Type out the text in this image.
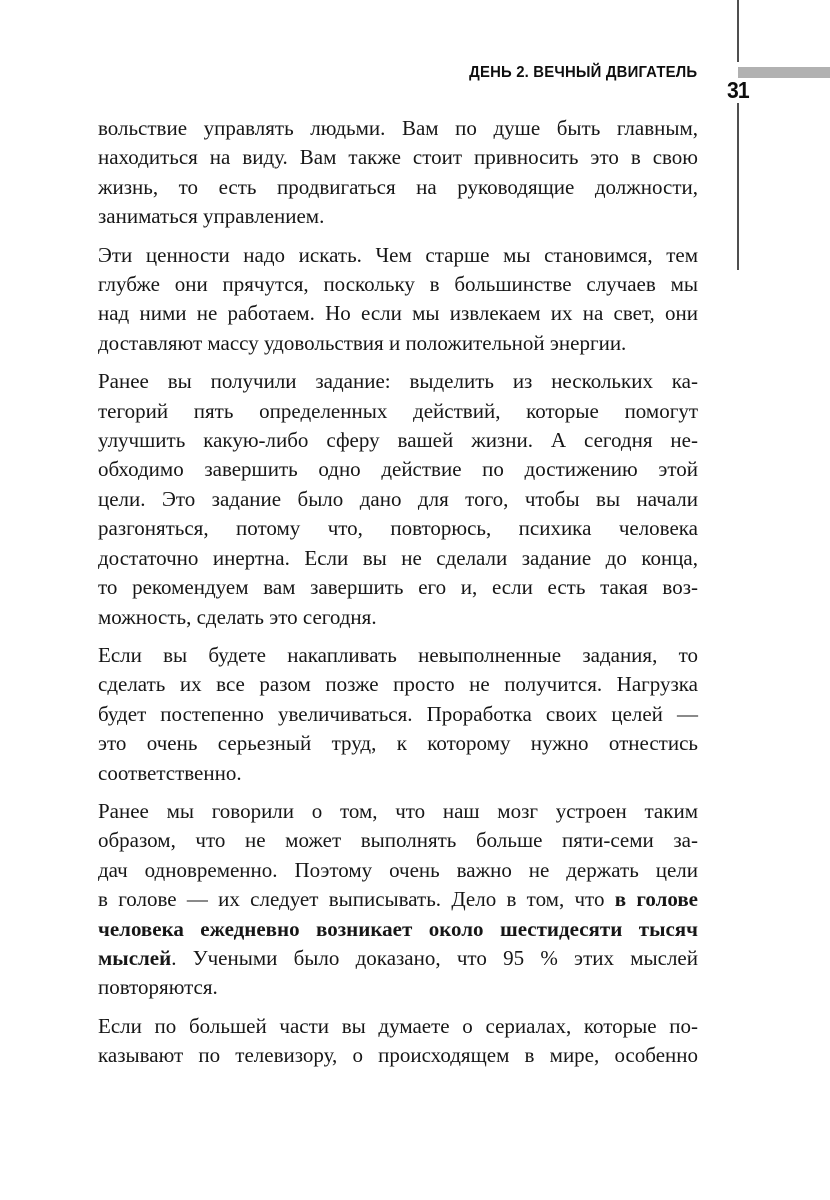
ДЕНЬ 2. ВЕЧНЫЙ ДВИГАТЕЛЬ
31

вольствие управлять людьми. Вам по душе быть главным,
находиться на виду. Вам также стоит привносить это в свою
жизнь, то есть продвигаться на руководящие должности,
заниматься управлением.

Эти ценности надо искать. Чем старше мы становимся, тем
глубже они прячутся, поскольку в большинстве случаев мы
над ними не работаем. Но если мы извлекаем их на свет, они
доставляют массу удовольствия и положительной энергии.

Ранее вы получили задание: выделить из нескольких ка-
тегорий пять определенных действий, которые помогут
улучшить какую-либо сферу вашей жизни. А сегодня не-
обходимо завершить одно действие по достижению этой
цели. Это задание было дано для того, чтобы вы начали
разгоняться, потому что, повторюсь, психика человека
достаточно инертна. Если вы не сделали задание до конца,
то рекомендуем вам завершить его и, если есть такая воз-
можность, сделать это сегодня.

Если вы будете накапливать невыполненные задания, то
сделать их все разом позже просто не получится. Нагрузка
будет постепенно увеличиваться. Проработка своих целей —
это очень серьезный труд, к которому нужно отнестись
соответственно.

Ранее мы говорили о том, что наш мозг устроен таким
образом, что не может выполнять больше пяти-семи за-
дач одновременно. Поэтому очень важно не держать цели
в голове — их следует выписывать. Дело в том, что в голове
человека ежедневно возникает около шестидесяти тысяч
мыслей. Учеными было доказано, что 95 % этих мыслей
повторяются.

Если по большей части вы думаете о сериалах, которые по-
казывают по телевизору, о происходящем в мире, особенно
